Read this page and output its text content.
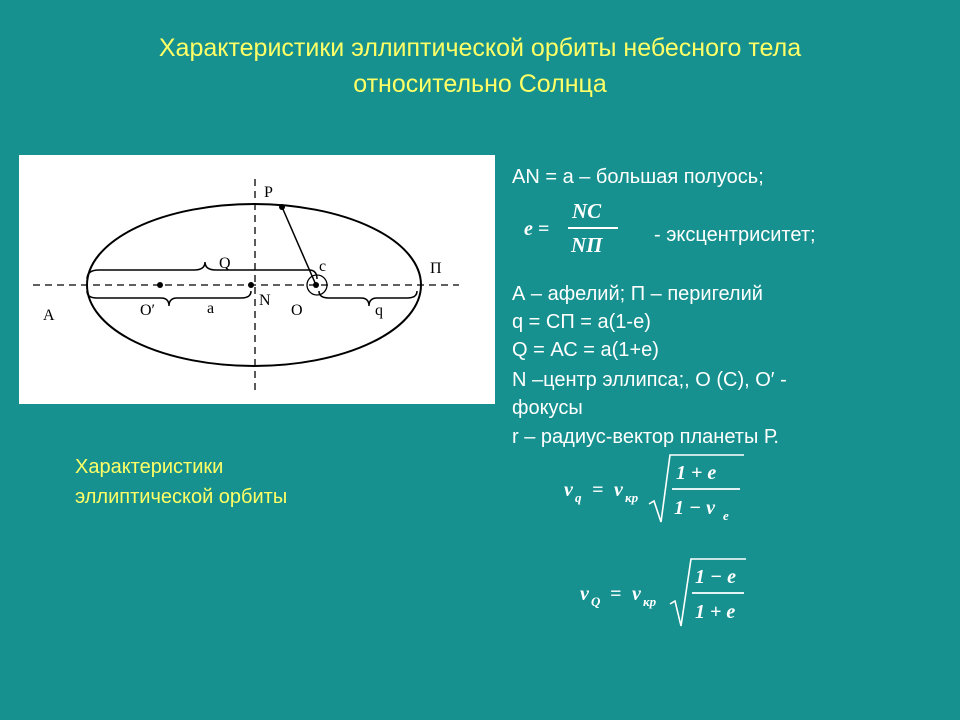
Характеристики эллиптической орбиты небесного тела
относительно Солнца
A
P
Q	c	П
O′	a	N
O	q
AN = a – большая полуось;
e =
NC
NП	- эксцентриситет;
А – афелий; П – перигелий
q = СП = а(1-е)
Q = АС = а(1+е)
N –центр эллипса;, О (С), О′ -
фокусы
r – радиус-вектор планеты Р.
Характеристики
эллиптической орбиты	v q = v кр
1 + e
1 − v e
v Q = v кр
1 − e
1 + e
